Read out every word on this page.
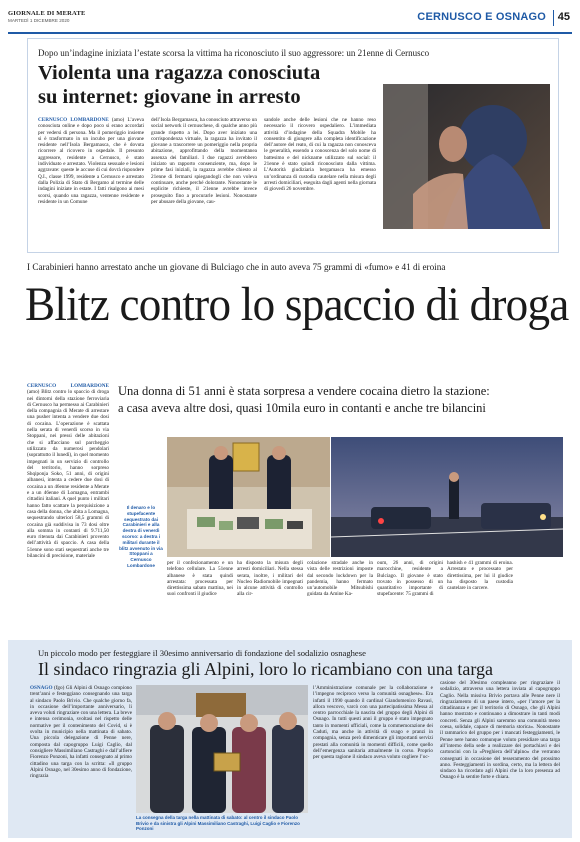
GIORNALE DI MERATE
MARTEDÌ 1 DICEMBRE 2020	CERNUSCO E OSNAGO 45
Dopo un’indagine iniziata l’estate scorsa la vittima ha riconosciuto il suo aggressore: un 21enne di Cernusco
Violenta una ragazza conosciuta
su internet: giovane in arresto
CERNUSCO LOMBARDONE (amo) L’aveva conosciuta online e dopo poco si erano accordati per vedersi di persona. Ma il pomeriggio insieme si è trasformato in un incubo per una giovane residente nell’Isola Bergamasca, che è dovuta ricorrere al ricovero in ospedale. Il presunto aggressore, residente a Cernusco, è stato individuato e arrestato. Violenza sessuale e lesioni aggravate: queste le accuse di cui dovrà rispondere Q.I., classe 1999, residente a Cernusco e arrestato dalla Polizia di Stato di Bergamo al termine delle indagini iniziate in estate. I fatti risalgono ai mesi scorsi, quando una ragazza, ventenne residente e residente in un Comune
dell’Isola Bergamasca, ha conosciuto attraverso un social network il cernuschese, di qualche anno più grande rispetto a lei. Dopo aver iniziato una corrispondenza virtuale, la ragazza ha invitato il giovane a trascorrere un pomeriggio nella propria abitazione, approfittando della momentanea assenza dei familiari. I due ragazzi avrebbero iniziato un rapporto consenziente, ma, dopo le prime fasi iniziali, la ragazza avrebbe chiesto al 21enne di fermarsi spiegandogli che non voleva continuare, anche perché dolorante. Nonostante le esplicite richieste, il 21enne avrebbe invece proseguito fino a procurarle lesioni. Nonostante per abusare della giovane, cau-
sandole anche delle lesioni che ne hanno reso necessario il ricovero ospedaliero. L’immediata attività d’indagine della Squadra Mobile ha consentito di giungere alla completa identificazione dell’autore del reato, di cui la ragazza non conosceva le generalità, essendo a conoscenza del solo nome di battesimo e del nickname utilizzato sul social: il 21enne è stato quindi riconosciuto dalla vittima. L’Autorità giudiziaria bergamasca ha emesso un’ordinanza di custodia cautelare nella misura degli arresti domiciliari, eseguita dagli agenti nella giornata di giovedì 26 novembre.
I Carabinieri hanno arrestato anche un giovane di Bulciago che in auto aveva 75 grammi di «fumo» e 41 di eroina
Blitz contro lo spaccio di droga
CERNUSCO LOMBARDONE (amo) Blitz contro lo spaccio di droga nei dintorni della stazione ferroviaria di Cernusco ha permesso ai Carabinieri della compagnia di Merate di arrestare una pusher intenta a vendere due dosi di cocaina. L’operazione è scattata nella serata di venerdì scorso in via Stoppani, nei pressi delle abitazioni che si affacciano sul parcheggio utilizzato da numerosi pendolari (soprattutto il lunedì), in quel momento impegnati in un servizio di controllo del territorio, hanno sorpreso Shqiponja Soko, 51 anni, di origini albanesi, intenta a cedere due dosi di cocaina a un 46enne residente a Merate e a un 46enne di Lomagna, entrambi cittadini italiani. A quel punto i militari hanno fatto scattare la perquisizione a casa della donna, che abita a Lomagna, sequestrando ulteriori 58,5 grammi di cocaina già suddivisa in 73 dosi oltre alla somma in contanti di 9.711,50 euro ritenuta dai Carabinieri provento dell’attività di spaccio. A casa della 51enne sono stati sequestrati anche tre bilancini di precisione, materiale
Una donna di 51 anni è stata sorpresa a vendere cocaina dietro la stazione:
a casa aveva altre dosi, quasi 10mila euro in contanti e anche tre bilancini
Il denaro e lo stupefacente sequestrato dai Carabinieri e alla destra di venerdì scorso: a destra i militari durante il blitz avvenuto in via Stoppani a Cernusco Lombardone	per il confezionamento e un telefono cellulare. La 51enne albanese è stata quindi arrestata: processata per direttissima sabato mattina, nei suoi confronti il giudice
ha disposto la misura degli arresti domiciliari. Nella stessa serata, inoltre, i militari del Nucleo Radiomobile impegnati in alcune attività di controllo alla cir-
colazione stradale anche in vista delle restrizioni imposte dal secondo lockdown per la pandemia, hanno fermato un’automobile Mitsubishi guidata da Amine Ka-
oum, 26 anni, di origini marocchine, residente a Bulciago. Il giovane è stato trovato in possesso di un quantitativo importante di stupefacente: 75 grammi di
hashish e 41 grammi di eroina. Arrestato e processato per direttissima, per lui il giudice ha disposto la custodia cautelare in carcere.
Un piccolo modo per festeggiare il 30esimo anniversario di fondazione del sodalizio osnaghese
Il sindaco ringrazia gli Alpini, loro lo ricambiano con una targa
OSNAGO (fgo) Gli Alpini di Osnago compiono trent’anni e festeggiano consegnando una targa al sindaco Paolo Brivio. Che qualche giorno fa, in occasione dell’importante anniversario, li aveva voluti ringraziare con una lettera. La breve e intensa cerimonia, svoltasi nel rispetto delle normative per il contenimento del Covid, si è svolta in municipio nella mattinata di sabato. Una piccola delegazione di Penne nere, composta dal capogruppo Luigi Caglio, dal consigliere Massimiliano Castraghi e dall’alfiere Fiorenzo Ponzoni, ha infatti consegnato al primo cittadino una targa con la scritta: «Il gruppo Alpini Osnago, nel 30esimo anno di fondazione, ringrazia
La consegna della targa nella mattinata di sabato: al centro il sindaco Paolo Brivio e da sinistra gli Alpini Massimiliano Castraghi, Luigi Caglio e Fiorenzo Ponzoni
l’Amministrazione comunale per la collaborazione e l’impegno reciproco verso la comunità osnaghese». Era infatti il 1990 quando il cardinal Giandomenico Ravasi, allora vescovo, varcò con una partecipatissima Messa al centro parrocchiale la nascita del gruppo degli Alpini di Osnago. In tutti questi anni il gruppo è stato impegnato tanto in momenti ufficiali, come la commemorazione dei Caduti, ma anche in attività di svago e pranzi in compagnia, senza però dimenticare gli importanti servizi prestati alla comunità in momenti difficili, come quello dell’emergenza sanitaria attualmente in corso. Proprio per questa ragione il sindaco aveva voluto cogliere l’oc-
casione del 30esimo compleanno per ringraziare il sodalizio, attraverso una lettera inviata al capogruppo Caglio. Nella missiva Brivio portava alle Penne nere il ringraziamento di un paese intero, «per l’amore per la cittadinanza e per il territorio di Osnago, che gli Alpini hanno mostrato e continuano a dimostrare in tanti modi concreti. Senza gli Alpini saremmo una comunità meno coesa, solidale, capace di memoria storica». Nonostante il rammarico del gruppo per i mancati festeggiamenti, le Penne nere hanno comunque voluto presidiare una targa all’interno della sede a realizzare dei portachiavi e dei cartoncini con la «Preghiera dell’alpino» che verranno consegnati in occasione del tesseramento del prossimo anno. Festeggiamenti in sordina, certo, ma la lettera del sindaco ha ricordato agli Alpini che la loro presenza ad Osnago è la sentire forte e chiara.
